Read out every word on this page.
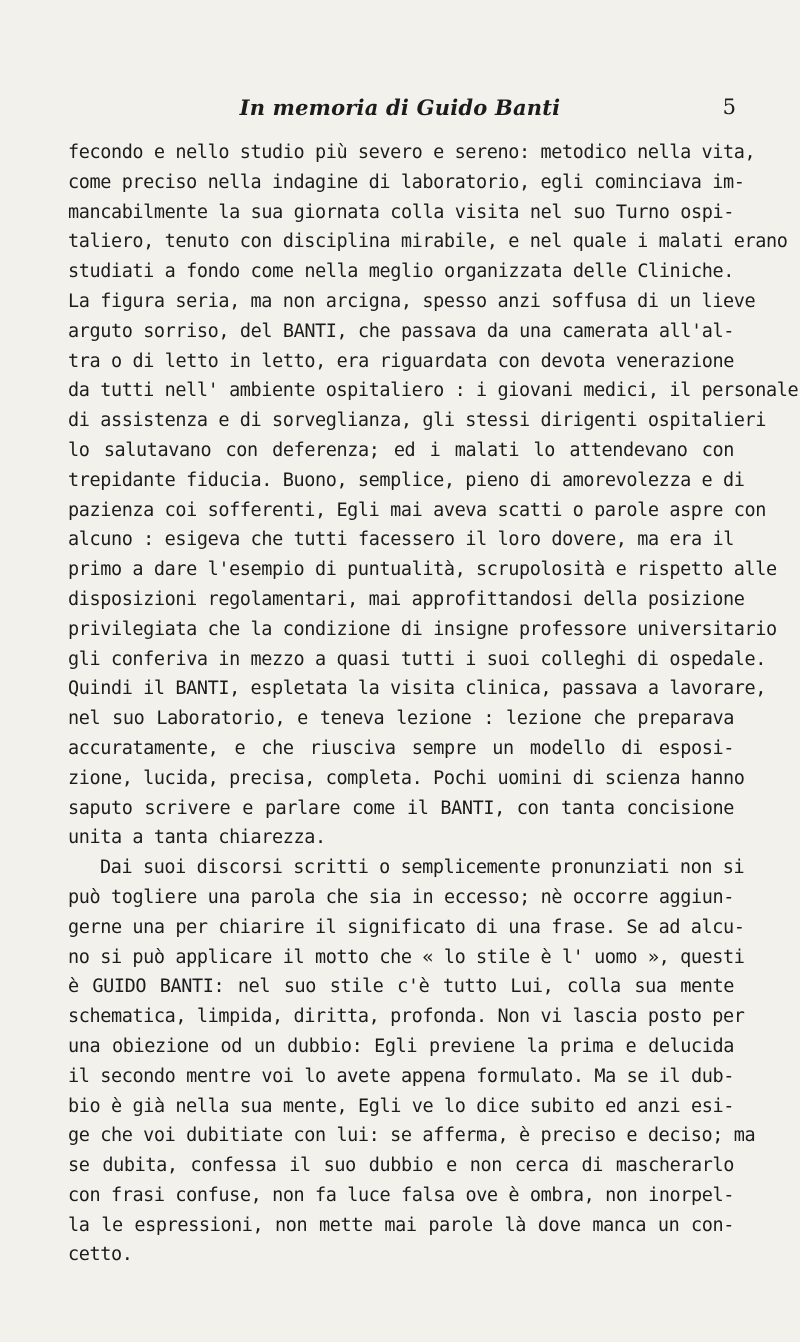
In memoria di Guido Banti	5
fecondo e nello studio più severo e sereno: metodico nella vita,
come preciso nella indagine di laboratorio, egli cominciava im-
mancabilmente la sua giornata colla visita nel suo Turno ospi-
taliero, tenuto con disciplina mirabile, e nel quale i malati erano
studiati a fondo come nella meglio organizzata delle Cliniche.
La figura seria, ma non arcigna, spesso anzi soffusa di un lieve
arguto sorriso, del BANTI, che passava da una camerata all'al-
tra o di letto in letto, era riguardata con devota venerazione
da tutti nell' ambiente ospitaliero : i giovani medici, il personale
di assistenza e di sorveglianza, gli stessi dirigenti ospitalieri
lo salutavano con deferenza; ed i malati lo attendevano con
trepidante fiducia. Buono, semplice, pieno di amorevolezza e di
pazienza coi sofferenti, Egli mai aveva scatti o parole aspre con
alcuno : esigeva che tutti facessero il loro dovere, ma era il
primo a dare l'esempio di puntualità, scrupolosità e rispetto alle
disposizioni regolamentari, mai approfittandosi della posizione
privilegiata che la condizione di insigne professore universitario
gli conferiva in mezzo a quasi tutti i suoi colleghi di ospedale.
Quindi il BANTI, espletata la visita clinica, passava a lavorare,
nel suo Laboratorio, e teneva lezione : lezione che preparava
accuratamente, e che riusciva sempre un modello di esposi-
zione, lucida, precisa, completa. Pochi uomini di scienza hanno
saputo scrivere e parlare come il BANTI, con tanta concisione
unita a tanta chiarezza.
Dai suoi discorsi scritti o semplicemente pronunziati non si
può togliere una parola che sia in eccesso; nè occorre aggiun-
gerne una per chiarire il significato di una frase. Se ad alcu-
no si può applicare il motto che « lo stile è l' uomo », questi
è GUIDO BANTI: nel suo stile c'è tutto Lui, colla sua mente
schematica, limpida, diritta, profonda. Non vi lascia posto per
una obiezione od un dubbio: Egli previene la prima e delucida
il secondo mentre voi lo avete appena formulato. Ma se il dub-
bio è già nella sua mente, Egli ve lo dice subito ed anzi esi-
ge che voi dubitiate con lui: se afferma, è preciso e deciso; ma
se dubita, confessa il suo dubbio e non cerca di mascherarlo
con frasi confuse, non fa luce falsa ove è ombra, non inorpel-
la le espressioni, non mette mai parole là dove manca un con-
cetto.
